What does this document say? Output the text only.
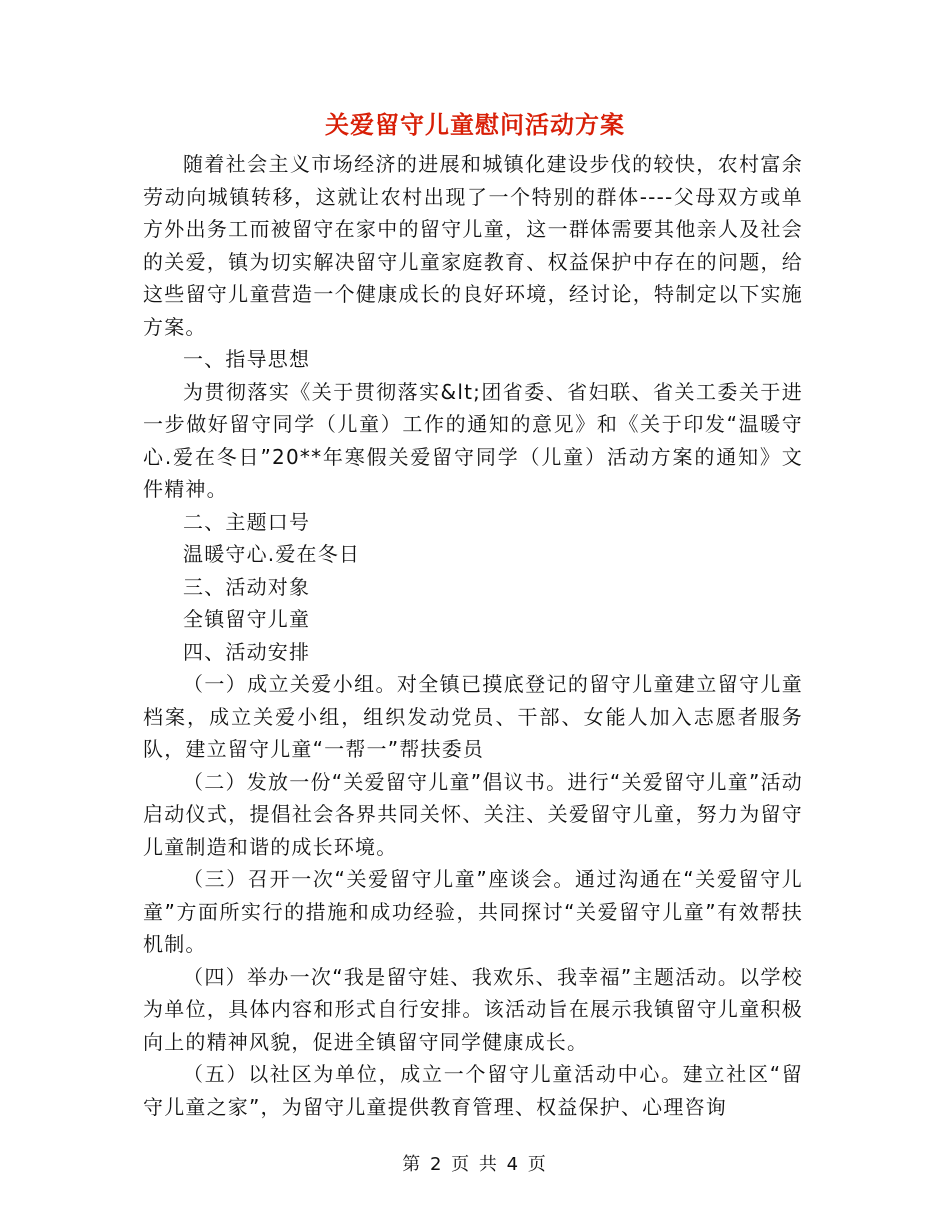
关爱留守儿童慰问活动方案

随着社会主义市场经济的进展和城镇化建设步伐的较快，农村富余劳动向城镇转移，这就让农村出现了一个特别的群体----父母双方或单方外出务工而被留守在家中的留守儿童，这一群体需要其他亲人及社会的关爱，镇为切实解决留守儿童家庭教育、权益保护中存在的问题，给这些留守儿童营造一个健康成长的良好环境，经讨论，特制定以下实施方案。

一、指导思想

为贯彻落实《关于贯彻落实&lt;团省委、省妇联、省关工委关于进一步做好留守同学（儿童）工作的通知的意见》和《关于印发“温暖守心.爱在冬日”20**年寒假关爱留守同学（儿童）活动方案的通知》文件精神。

二、主题口号

温暖守心.爱在冬日

三、活动对象

全镇留守儿童

四、活动安排

（一）成立关爱小组。对全镇已摸底登记的留守儿童建立留守儿童档案，成立关爱小组，组织发动党员、干部、女能人加入志愿者服务队，建立留守儿童“一帮一”帮扶委员

（二）发放一份“关爱留守儿童”倡议书。进行“关爱留守儿童”活动启动仪式，提倡社会各界共同关怀、关注、关爱留守儿童，努力为留守儿童制造和谐的成长环境。

（三）召开一次“关爱留守儿童”座谈会。通过沟通在“关爱留守儿童”方面所实行的措施和成功经验，共同探讨“关爱留守儿童”有效帮扶机制。

（四）举办一次“我是留守娃、我欢乐、我幸福”主题活动。以学校为单位，具体内容和形式自行安排。该活动旨在展示我镇留守儿童积极向上的精神风貌，促进全镇留守同学健康成长。

（五）以社区为单位，成立一个留守儿童活动中心。建立社区“留守儿童之家”，为留守儿童提供教育管理、权益保护、心理咨询

第 2 页 共 4 页
